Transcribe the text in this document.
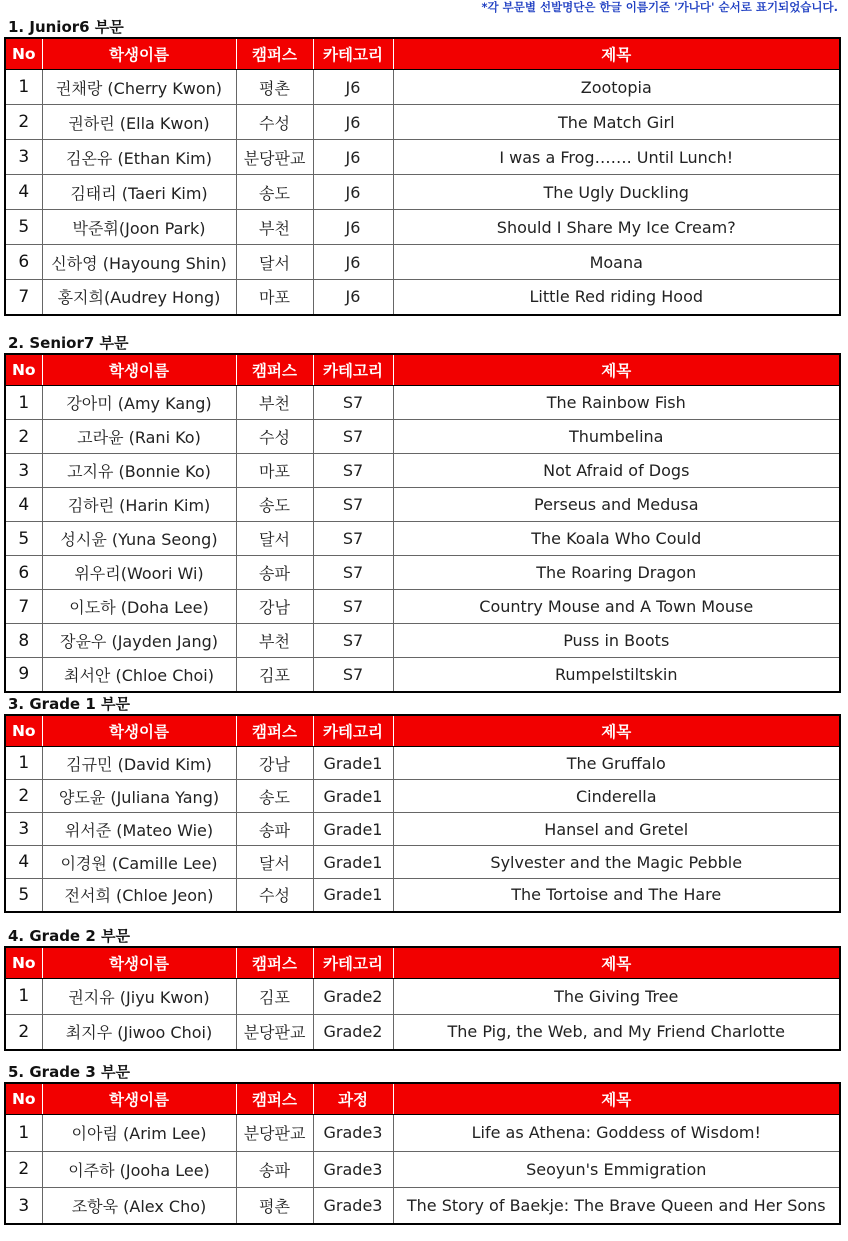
*각 부문별 선발명단은 한글 이름기준 '가나다' 순서로 표기되었습니다.
1. Junior6 부문
No	학생이름	캠퍼스	카테고리	제목
1	권채랑 (Cherry Kwon)	평촌	J6	Zootopia
2	권하린 (Ella Kwon)	수성	J6	The Match Girl
3	김온유 (Ethan Kim)	분당판교	J6	I was a Frog……. Until Lunch!
4	김태리 (Taeri Kim)	송도	J6	The Ugly Duckling
5	박준휘(Joon Park)	부천	J6	Should I Share My Ice Cream?
6	신하영 (Hayoung Shin)	달서	J6	Moana
7	홍지희(Audrey Hong)	마포	J6	Little Red riding Hood
2. Senior7 부문
No	학생이름	캠퍼스	카테고리	제목
1	강아미 (Amy Kang)	부천	S7	The Rainbow Fish
2	고라윤 (Rani Ko)	수성	S7	Thumbelina
3	고지유 (Bonnie Ko)	마포	S7	Not Afraid of Dogs
4	김하린 (Harin Kim)	송도	S7	Perseus and Medusa
5	성시윤 (Yuna Seong)	달서	S7	The Koala Who Could
6	위우리(Woori Wi)	송파	S7	The Roaring Dragon
7	이도하 (Doha Lee)	강남	S7	Country Mouse and A Town Mouse
8	장윤우 (Jayden Jang)	부천	S7	Puss in Boots
9	최서안 (Chloe Choi)	김포	S7	Rumpelstiltskin
3. Grade 1 부문
No	학생이름	캠퍼스	카테고리	제목
1	김규민 (David Kim)	강남	Grade1	The Gruffalo
2	양도윤 (Juliana Yang)	송도	Grade1	Cinderella
3	위서준 (Mateo Wie)	송파	Grade1	Hansel and Gretel
4	이경원 (Camille Lee)	달서	Grade1	Sylvester and the Magic Pebble
5	전서희 (Chloe Jeon)	수성	Grade1	The Tortoise and The Hare
4. Grade 2 부문
No	학생이름	캠퍼스	카테고리	제목
1	권지유 (Jiyu Kwon)	김포	Grade2	The Giving Tree
2	최지우 (Jiwoo Choi)	분당판교	Grade2	The Pig, the Web, and My Friend Charlotte
5. Grade 3 부문
No	학생이름	캠퍼스	과정	제목
1	이아림 (Arim Lee)	분당판교	Grade3	Life as Athena: Goddess of Wisdom!
2	이주하 (Jooha Lee)	송파	Grade3	Seoyun's Emmigration
3	조항욱 (Alex Cho)	평촌	Grade3	The Story of Baekje: The Brave Queen and Her Sons
